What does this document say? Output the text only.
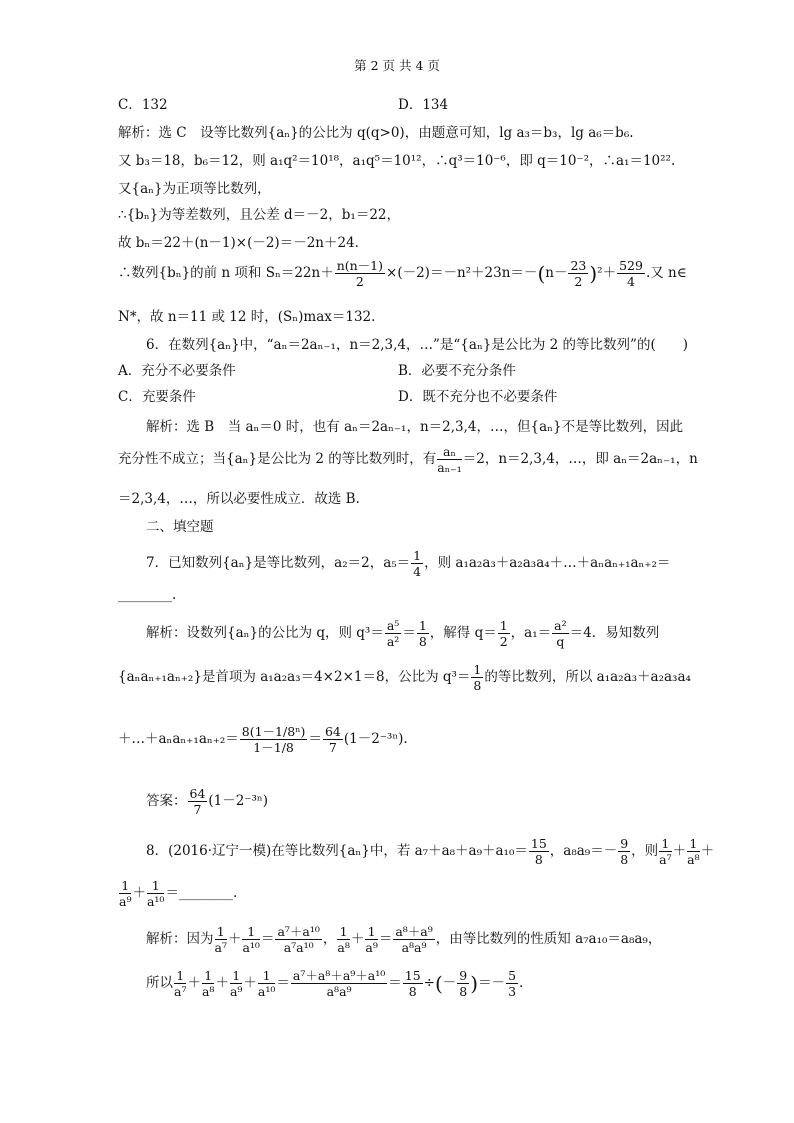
第 2 页 共 4 页
C．132	D．134
解析：选 C　设等比数列{aₙ}的公比为 q(q>0)，由题意可知，lg a₃＝b₃，lg a₆＝b₆.
又 b₃＝18，b₆＝12，则 a₁q²＝10¹⁸，a₁q⁵＝10¹²，∴q³＝10⁻⁶，即 q＝10⁻²，∴a₁＝10²².
又{aₙ}为正项等比数列，
∴{bₙ}为等差数列，且公差 d＝－2，b₁＝22，
故 bₙ＝22＋(n－1)×(－2)＝－2n＋24.
∴数列{bₙ}的前 n 项和 $S_n=22n+ \frac{n(n-1)}{2} \times(-2)=-n^2+23n=-(n- \frac{23}{2} )^2+ \frac{529}{4}$ .又 n∈
N*，故 n＝11 或 12 时，(Sₙ)max＝132.
6．在数列{aₙ}中，“aₙ＝2aₙ₋₁，n＝2,3,4，…”是“{aₙ}是公比为 2 的等比数列”的(　　)
A．充分不必要条件	B．必要不充分条件
C．充要条件	D．既不充分也不必要条件
解析：选 B　当 aₙ＝0 时，也有 aₙ＝2aₙ₋₁，n＝2,3,4，…，但{aₙ}不是等比数列，因此
充分性不成立；当{aₙ}是公比为 2 的等比数列时，有 $\frac{\text{aₙ}}{\text{aₙ₋₁}} =2$，n＝2,3,4，…，即 aₙ＝2aₙ₋₁，n
＝2,3,4，…，所以必要性成立．故选 B.
二、填空题
7．已知数列{aₙ}是等比数列，a₂＝2，$a_5= \frac{1}{4}$ ，则 a₁a₂a₃＋a₂a₃a₄＋…＋aₙaₙ₊₁aₙ₊₂＝
________.
解析：设数列{aₙ}的公比为 q，则 $q^3= \frac{\text{a⁵}}{\text{a²}} = \frac{1}{8}$ ，解得 $q= \frac{1}{2}$ ，$a_1= \frac{\text{a²}}{q} =4$．易知数列
{aₙaₙ₊₁aₙ₊₂}是首项为 a₁a₂a₃＝4×2×1＝8，公比为 $q^3= \frac{1}{8}$ 的等比数列，所以 a₁a₂a₃＋a₂a₃a₄
＋…＋aₙaₙ₊₁aₙ₊₂＝ $\frac{\text{8(1－1/8ⁿ)}}{1-1/8} = \frac{64}{7} (1-2^{-3n})$.
答案： $\frac{64}{7} (1-2^{-3n})$
8．(2016·辽宁一模)在等比数列{aₙ}中，若 $a_7+a_8+a_9+a_{10}= \frac{15}{8}$ ，$a_8a_9=- \frac{9}{8}$ ，则 $\frac{1}{\text{a⁷}} + \frac{1}{\text{a⁸}}$ ＋
$\frac{1}{\text{a⁹}} + \frac{1}{\text{a¹⁰}}$ ＝________.
解析：因为 $\frac{1}{\text{a⁷}} + \frac{1}{\text{a¹⁰}} = \frac{\text{a⁷＋a¹⁰}}{\text{a⁷a¹⁰}}$ ， $\frac{1}{\text{a⁸}} + \frac{1}{\text{a⁹}} = \frac{\text{a⁸＋a⁹}}{\text{a⁸a⁹}}$ ，由等比数列的性质知 a₇a₁₀＝a₈a₉，
所以 $\frac{1}{\text{a⁷}} + \frac{1}{\text{a⁸}} + \frac{1}{\text{a⁹}} + \frac{1}{\text{a¹⁰}} = \frac{\text{a⁷＋a⁸＋a⁹＋a¹⁰}}{\text{a⁸a⁹}} = \frac{15}{8}$ ÷(－ $\frac{9}{8}$ )＝－ $\frac{5}{3}$ .
